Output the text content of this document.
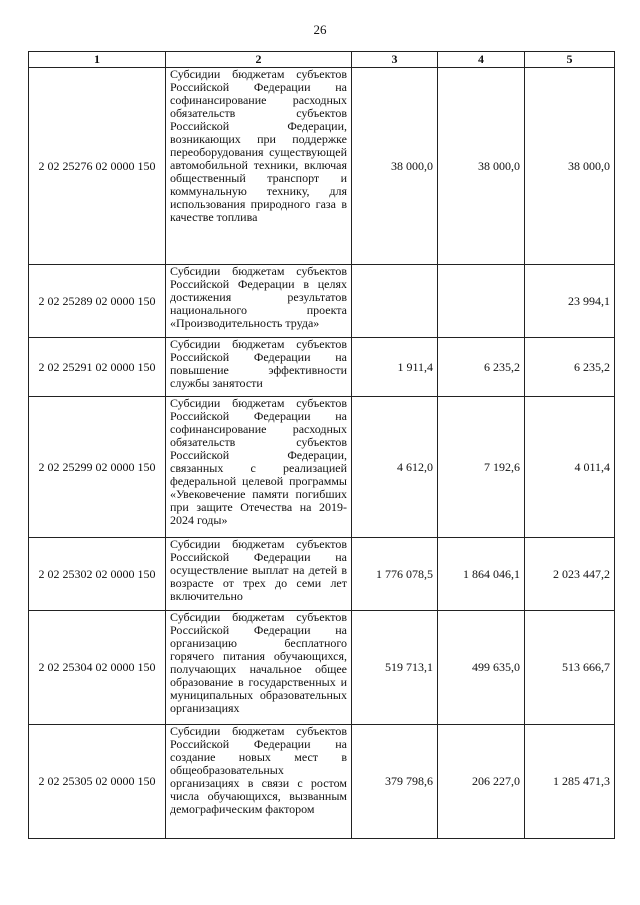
26
1	2	3	4	5
2 02 25276 02 0000 150	Субсидии бюджетам субъектов Российской Федерации на софинансирование расходных обязательств субъектов Российской Федерации, возникающих при поддержке переоборудования существующей автомобильной техники, включая общественный транспорт и коммунальную технику, для использования природного газа в качестве топлива	38 000,0	38 000,0	38 000,0
2 02 25289 02 0000 150	Субсидии бюджетам субъектов Российской Федерации в целях достижения результатов национального проекта «Производительность труда»			23 994,1
2 02 25291 02 0000 150	Субсидии бюджетам субъектов Российской Федерации на повышение эффективности службы занятости	1 911,4	6 235,2	6 235,2
2 02 25299 02 0000 150	Субсидии бюджетам субъектов Российской Федерации на софинансирование расходных обязательств субъектов Российской Федерации, связанных с реализацией федеральной целевой программы «Увековечение памяти погибших при защите Отечества на 2019-2024 годы»	4 612,0	7 192,6	4 011,4
2 02 25302 02 0000 150	Субсидии бюджетам субъектов Российской Федерации на осуществление выплат на детей в возрасте от трех до семи лет включительно	1 776 078,5	1 864 046,1	2 023 447,2
2 02 25304 02 0000 150	Субсидии бюджетам субъектов Российской Федерации на организацию бесплатного горячего питания обучающихся, получающих начальное общее образование в государственных и муниципальных образовательных организациях	519 713,1	499 635,0	513 666,7
2 02 25305 02 0000 150	Субсидии бюджетам субъектов Российской Федерации на создание новых мест в общеобразовательных организациях в связи с ростом числа обучающихся, вызванным демографическим фактором	379 798,6	206 227,0	1 285 471,3
